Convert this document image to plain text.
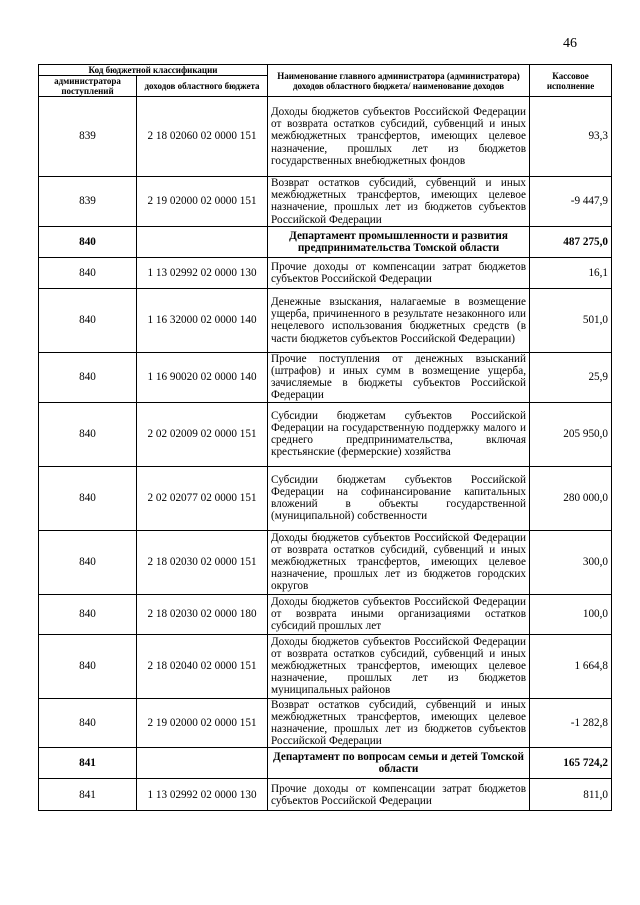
46
Код бюджетной классификации		Наименование главного администратора (администратора) доходов областного бюджета/ наименование доходов	Кассовое исполнение
администратора поступлений	доходов областного бюджета		
839	2 18 02060 02 0000 151	Доходы бюджетов субъектов Российской Федерации от возврата остатков субсидий, субвенций и иных межбюджетных трансфертов, имеющих целевое назначение, прошлых лет из бюджетов государственных внебюджетных фондов	93,3
839	2 19 02000 02 0000 151	Возврат остатков субсидий, субвенций и иных межбюджетных трансфертов, имеющих целевое назначение, прошлых лет из бюджетов субъектов Российской Федерации	-9 447,9
840		Департамент промышленности и развития предпринимательства Томской области	487 275,0
840	1 13 02992 02 0000 130	Прочие доходы от компенсации затрат бюджетов субъектов Российской Федерации	16,1
840	1 16 32000 02 0000 140	Денежные взыскания, налагаемые в возмещение ущерба, причиненного в результате незаконного или нецелевого использования бюджетных средств (в части бюджетов субъектов Российской Федерации)	501,0
840	1 16 90020 02 0000 140	Прочие поступления от денежных взысканий (штрафов) и иных сумм в возмещение ущерба, зачисляемые в бюджеты субъектов Российской Федерации	25,9
840	2 02 02009 02 0000 151	Субсидии бюджетам субъектов Российской Федерации на государственную поддержку малого и среднего предпринимательства, включая крестьянские (фермерские) хозяйства	205 950,0
840	2 02 02077 02 0000 151	Субсидии бюджетам субъектов Российской Федерации на софинансирование капитальных вложений в объекты государственной (муниципальной) собственности	280 000,0
840	2 18 02030 02 0000 151	Доходы бюджетов субъектов Российской Федерации от возврата остатков субсидий, субвенций и иных межбюджетных трансфертов, имеющих целевое назначение, прошлых лет из бюджетов городских округов	300,0
840	2 18 02030 02 0000 180	Доходы бюджетов субъектов Российской Федерации от возврата иными организациями остатков субсидий прошлых лет	100,0
840	2 18 02040 02 0000 151	Доходы бюджетов субъектов Российской Федерации от возврата остатков субсидий, субвенций и иных межбюджетных трансфертов, имеющих целевое назначение, прошлых лет из бюджетов муниципальных районов	1 664,8
840	2 19 02000 02 0000 151	Возврат остатков субсидий, субвенций и иных межбюджетных трансфертов, имеющих целевое назначение, прошлых лет из бюджетов субъектов Российской Федерации	-1 282,8
841		Департамент по вопросам семьи и детей Томской области	165 724,2
841	1 13 02992 02 0000 130	Прочие доходы от компенсации затрат бюджетов субъектов Российской Федерации	811,0
